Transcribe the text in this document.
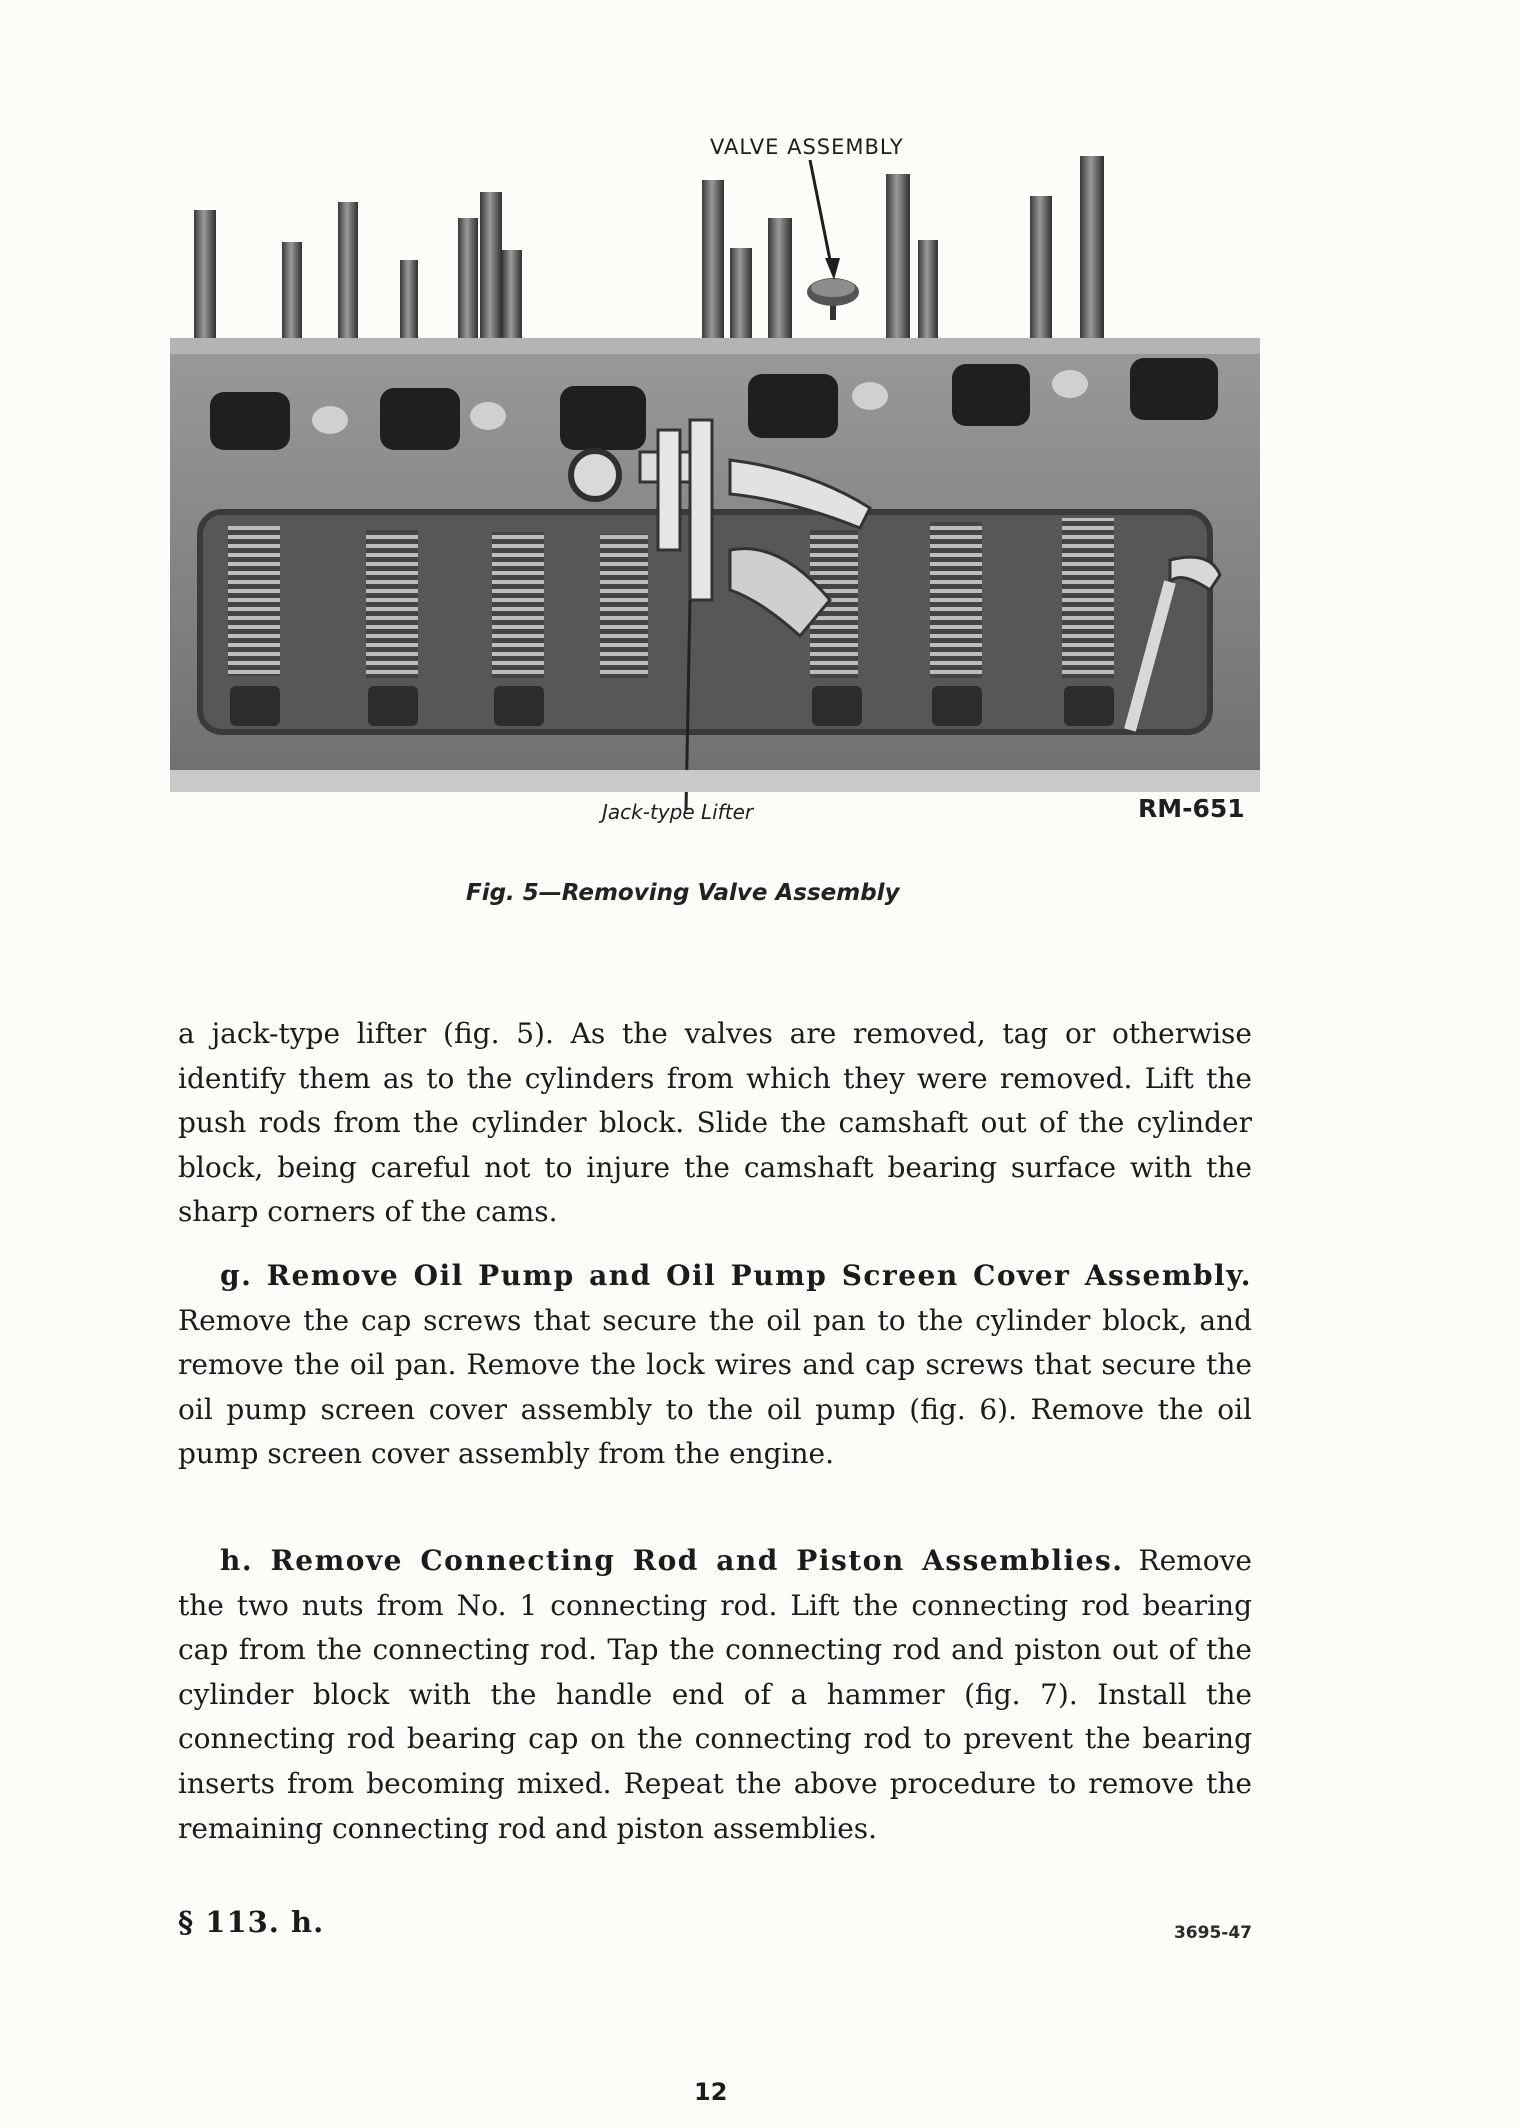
VALVE ASSEMBLY
Jack-type Lifter	RM-651
Fig. 5—Removing Valve Assembly

a jack-type lifter (fig. 5). As the valves are removed, tag or otherwise identify them as to the cylinders from which they were removed. Lift the push rods from the cylinder block. Slide the camshaft out of the cylinder block, being careful not to injure the camshaft bearing surface with the sharp corners of the cams.

g. Remove Oil Pump and Oil Pump Screen Cover Assembly. Remove the cap screws that secure the oil pan to the cylinder block, and remove the oil pan. Remove the lock wires and cap screws that secure the oil pump screen cover assembly to the oil pump (fig. 6). Remove the oil pump screen cover assembly from the engine.

h. Remove Connecting Rod and Piston Assemblies. Remove the two nuts from No. 1 connecting rod. Lift the connecting rod bearing cap from the connecting rod. Tap the connecting rod and piston out of the cylinder block with the handle end of a hammer (fig. 7). Install the connecting rod bearing cap on the connecting rod to prevent the bearing inserts from becoming mixed. Repeat the above procedure to remove the remaining connecting rod and piston assemblies.

§ 113. h.	3695-47
12
